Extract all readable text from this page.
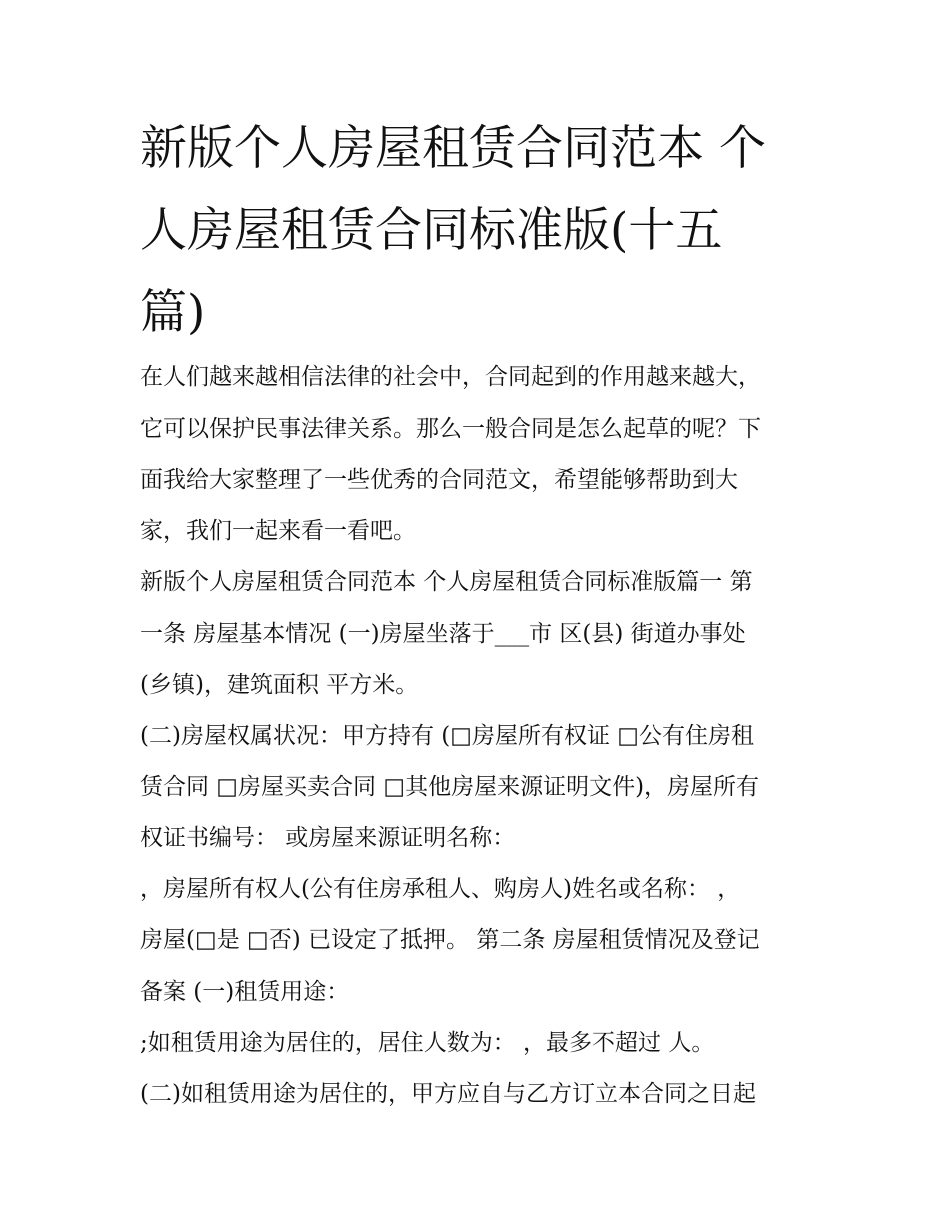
新版个人房屋租赁合同范本 个
人房屋租赁合同标准版(十五
篇)

在人们越来越相信法律的社会中，合同起到的作用越来越大，

它可以保护民事法律关系。那么一般合同是怎么起草的呢？下

面我给大家整理了一些优秀的合同范文，希望能够帮助到大

家，我们一起来看一看吧。

新版个人房屋租赁合同范本 个人房屋租赁合同标准版篇一 第

一条 房屋基本情况 (一)房屋坐落于___市 区(县) 街道办事处

(乡镇)，建筑面积 平方米。

(二)房屋权属状况：甲方持有 (□房屋所有权证 □公有住房租

赁合同 □房屋买卖合同 □其他房屋来源证明文件)，房屋所有

权证书编号： 或房屋来源证明名称：

，房屋所有权人(公有住房承租人、购房人)姓名或名称： ，

房屋(□是 □否) 已设定了抵押。 第二条 房屋租赁情况及登记

备案 (一)租赁用途：

;如租赁用途为居住的，居住人数为： ，最多不超过 人。

(二)如租赁用途为居住的，甲方应自与乙方订立本合同之日起
